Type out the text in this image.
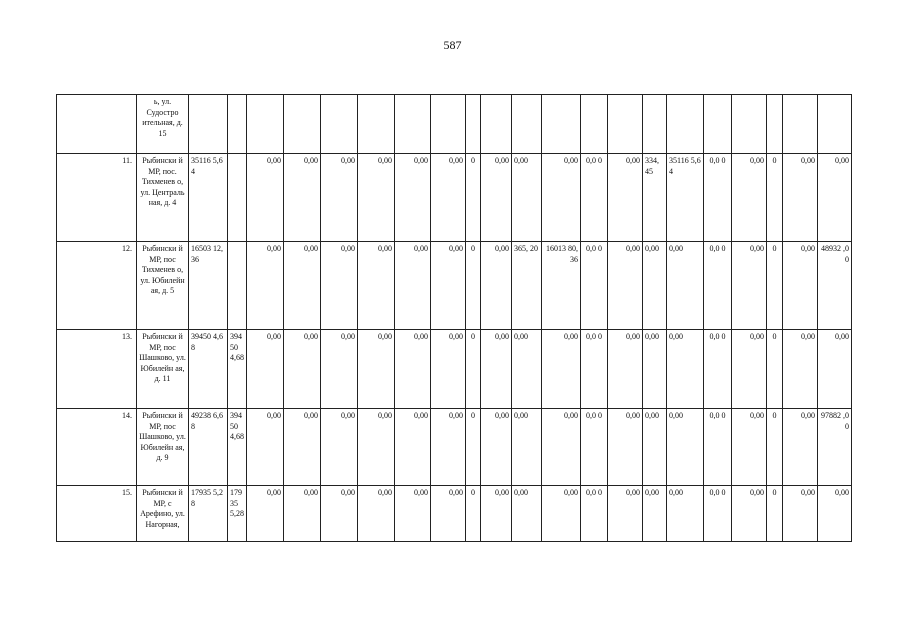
587
	ь, ул. Судостро ительная, д. 15																					
11.	Рыбински й МР, пос. Тихменев о, ул. Централь ная, д. 4	35116 5,64		0,00	0,00	0,00	0,00	0,00	0,00	0	0,00	0,00	0,00	0,0 0	0,00	334, 45	35116 5,64	0,0 0	0,00	0	0,00	0,00
12.	Рыбински й МР, пос Тихменев о, ул. Юбилейн ая, д. 5	16503 12,36		0,00	0,00	0,00	0,00	0,00	0,00	0	0,00	365, 20	16013 80,36	0,0 0	0,00	0,00	0,00	0,0 0	0,00	0	0,00	48932 ,00
13.	Рыбински й МР, пос Шашково, ул. Юбилейн ая, д. 11	39450 4,68	39450 4,68	0,00	0,00	0,00	0,00	0,00	0,00	0	0,00	0,00	0,00	0,0 0	0,00	0,00	0,00	0,0 0	0,00	0	0,00	0,00
14.	Рыбински й МР, пос Шашково, ул. Юбилейн ая, д. 9	49238 6,68	39450 4,68	0,00	0,00	0,00	0,00	0,00	0,00	0	0,00	0,00	0,00	0,0 0	0,00	0,00	0,00	0,0 0	0,00	0	0,00	97882 ,00
15.	Рыбински й МР, с Арефино, ул. Нагорная,	17935 5,28	17935 5,28	0,00	0,00	0,00	0,00	0,00	0,00	0	0,00	0,00	0,00	0,0 0	0,00	0,00	0,00	0,0 0	0,00	0	0,00	0,00
